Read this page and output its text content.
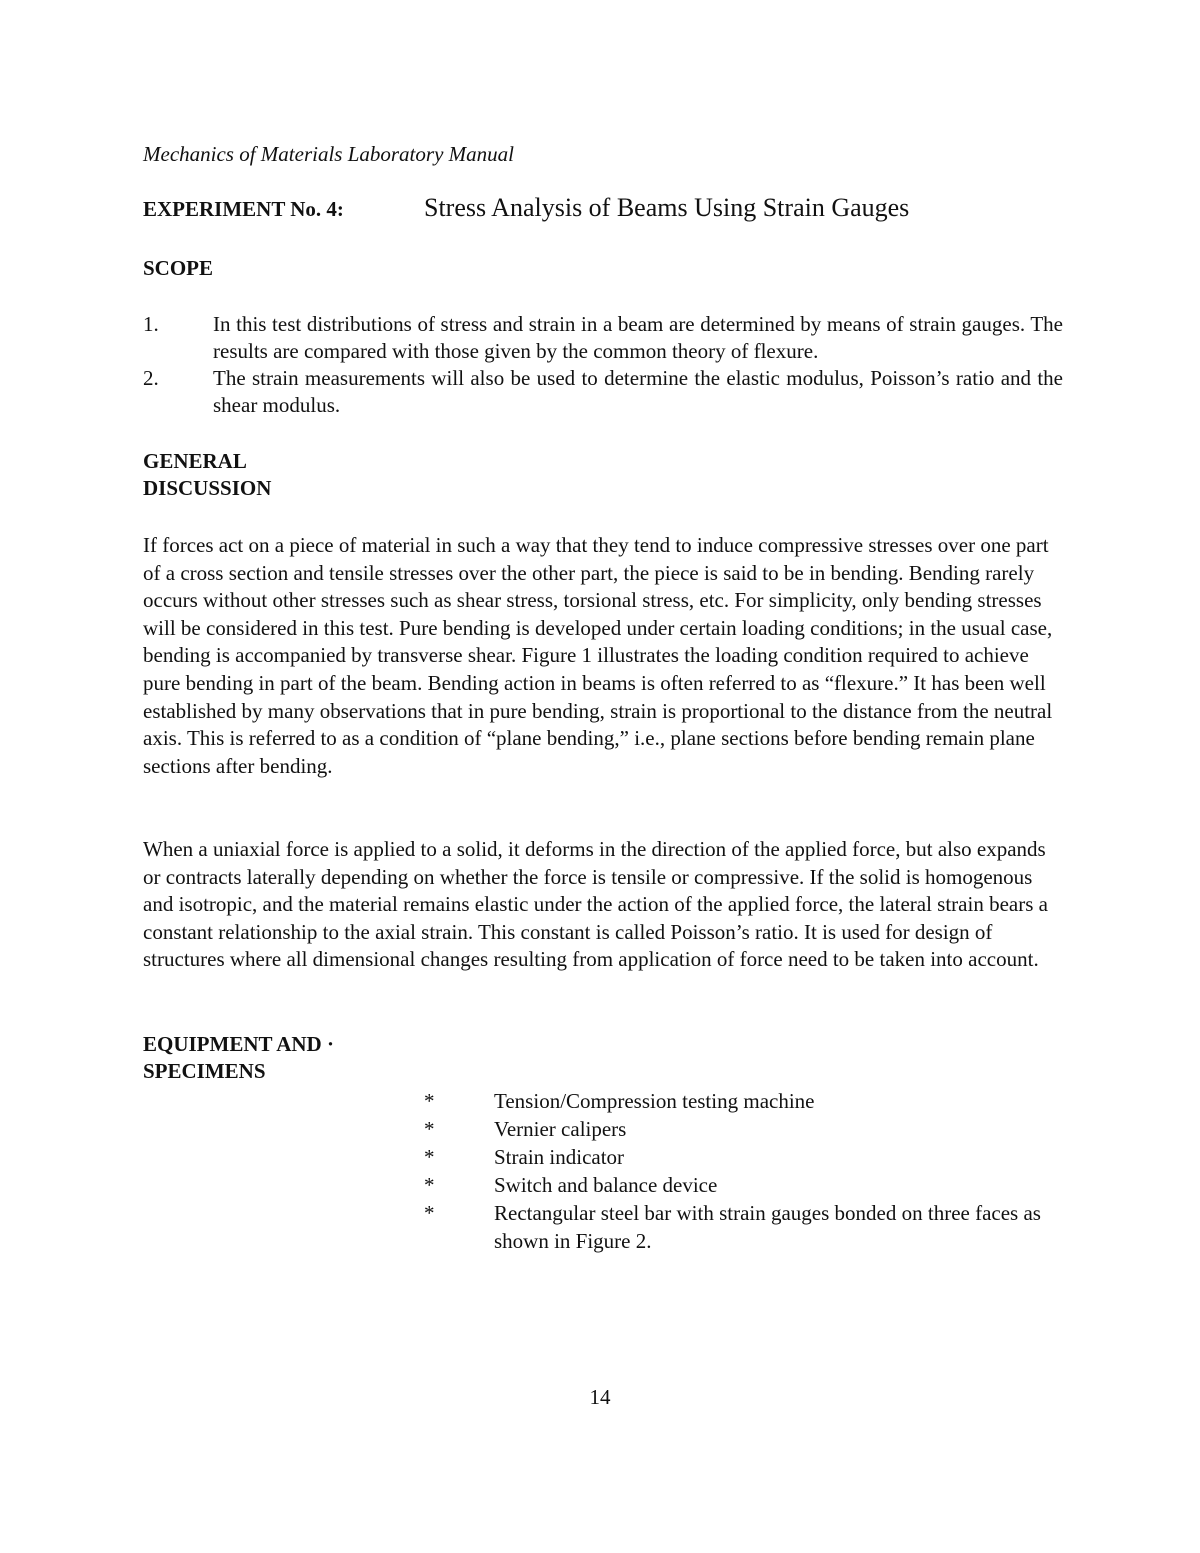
Mechanics of Materials Laboratory Manual
EXPERIMENT No. 4:	Stress Analysis of Beams Using Strain Gauges
SCOPE
1.	In this test distributions of stress and strain in a beam are determined by means of strain gauges. The results are compared with those given by the common theory of flexure.
2.	The strain measurements will also be used to determine the elastic modulus, Poisson’s ratio and the shear modulus.
GENERAL
DISCUSSION

If forces act on a piece of material in such a way that they tend to induce compressive stresses over one part of a cross section and tensile stresses over the other part, the piece is said to be in bending. Bending rarely occurs without other stresses such as shear stress, torsional stress, etc. For simplicity, only bending stresses will be considered in this test. Pure bending is developed under certain loading conditions; in the usual case, bending is accompanied by transverse shear. Figure 1 illustrates the loading condition required to achieve pure bending in part of the beam. Bending action in beams is often referred to as “flexure.” It has been well established by many observations that in pure bending, strain is proportional to the distance from the neutral axis. This is referred to as a condition of “plane bending,” i.e., plane sections before bending remain plane sections after bending.

When a uniaxial force is applied to a solid, it deforms in the direction of the applied force, but also expands or contracts laterally depending on whether the force is tensile or compressive. If the solid is homogenous and isotropic, and the material remains elastic under the action of the applied force, the lateral strain bears a constant relationship to the axial strain. This constant is called Poisson’s ratio. It is used for design of structures where all dimensional changes resulting from application of force need to be taken into account.

EQUIPMENT AND ·
SPECIMENS
*	Tension/Compression testing machine
*	Vernier calipers
*	Strain indicator
*	Switch and balance device
*	Rectangular steel bar with strain gauges bonded on three faces as shown in Figure 2.
14
